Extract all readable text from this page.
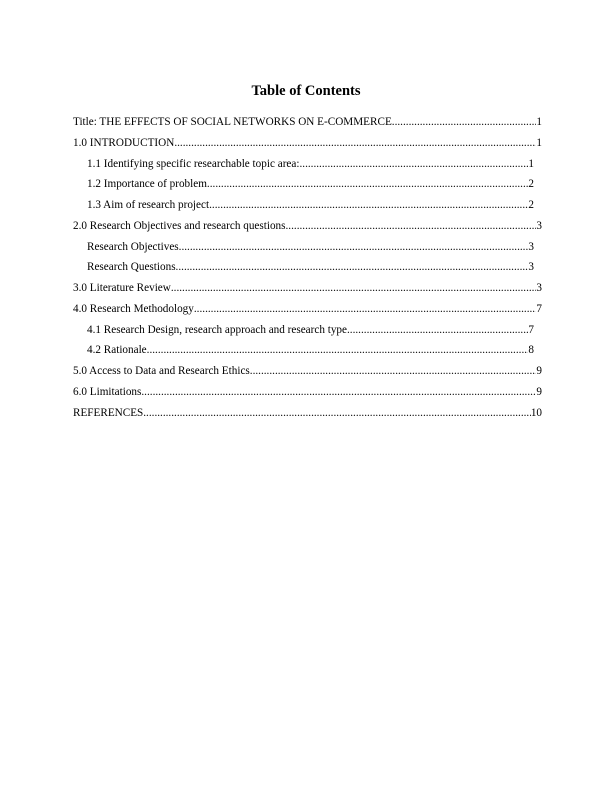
Table of Contents
Title: THE EFFECTS OF SOCIAL NETWORKS ON E-COMMERCE .....	1
1.0 INTRODUCTION .....	1
1.1 Identifying specific researchable topic area: .....	1
1.2 Importance of problem .....	2
1.3 Aim of research project .....	2
2.0 Research Objectives and research questions .....	3
Research Objectives .....	3
Research Questions .....	3
3.0 Literature Review .....	3
4.0 Research Methodology .....	7
4.1 Research Design, research approach and research type .....	7
4.2 Rationale .....	8
5.0 Access to Data and Research Ethics .....	9
6.0 Limitations .....	9
REFERENCES .....	10
